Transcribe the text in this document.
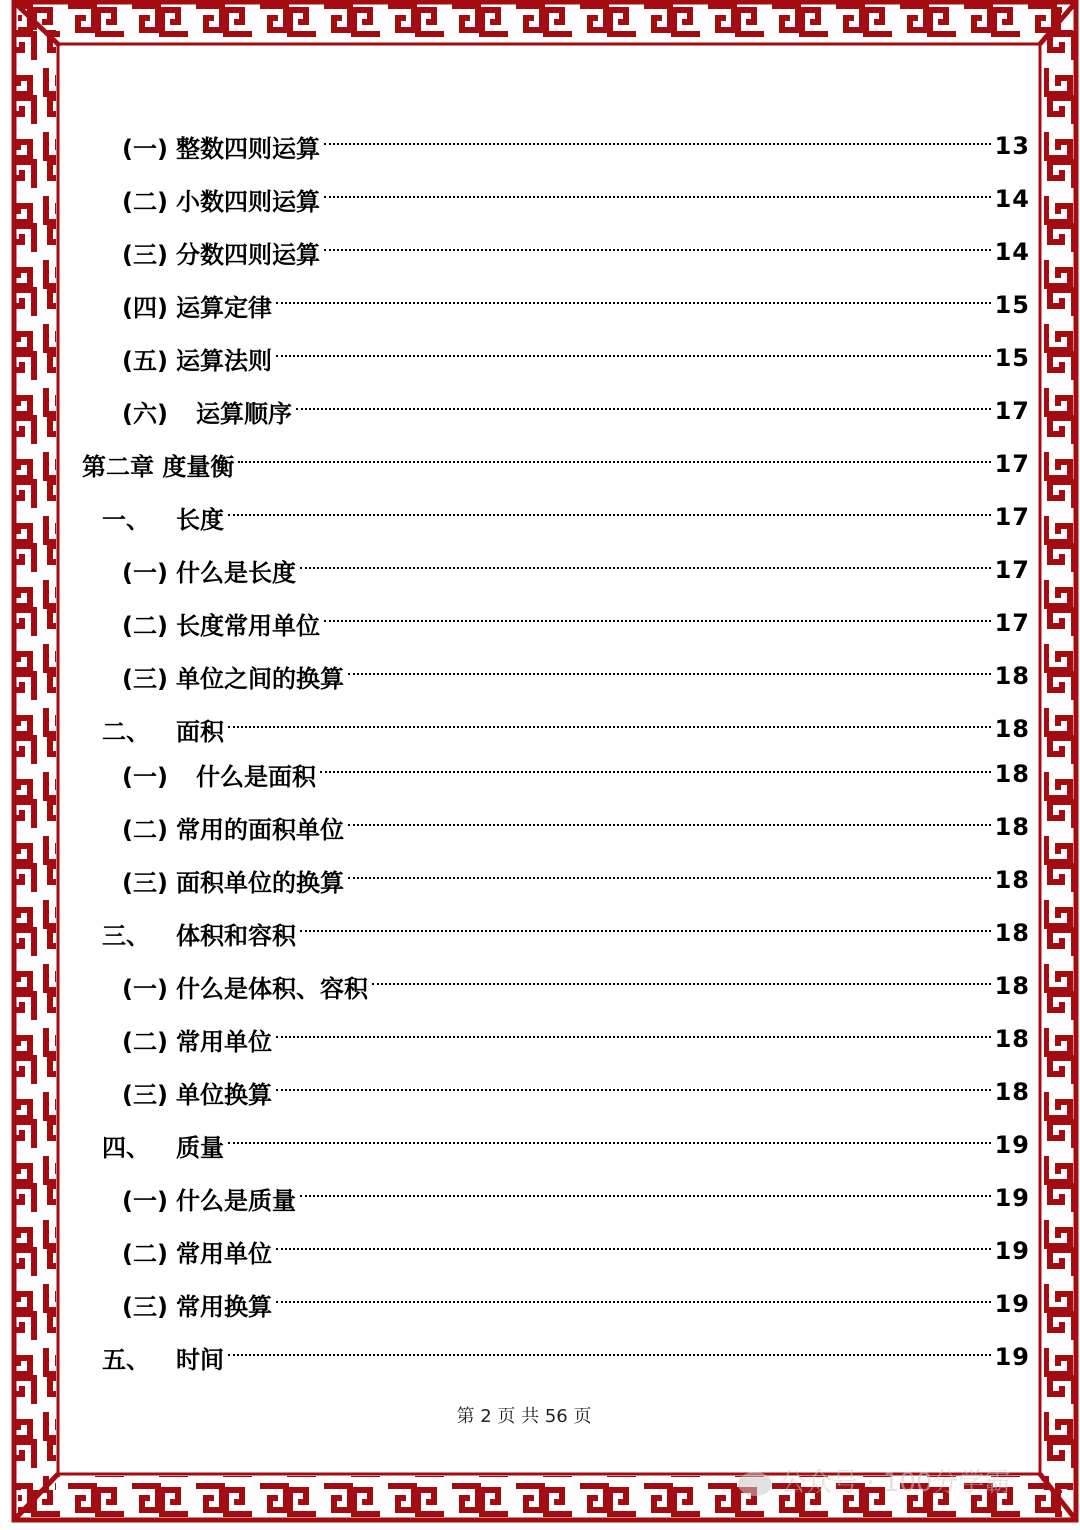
(一) 整数四则运算	13
(二) 小数四则运算	14
(三) 分数四则运算	14
(四) 运算定律	15
(五) 运算法则	15
(六)	运算顺序	17
第二章 度量衡	17
一、	长度	17
(一) 什么是长度	17
(二) 长度常用单位	17
(三) 单位之间的换算	18
二、	面积	18
(一)	什么是面积	18
(二) 常用的面积单位	18
(三) 面积单位的换算	18
三、	体积和容积	18
(一) 什么是体积、容积	18
(二) 常用单位	18
(三) 单位换算	18
四、	质量	19
(一) 什么是质量	19
(二) 常用单位	19
(三) 常用换算	19
五、	时间	19
第 2 页 共 56 页
公众号 · 100分学霸
